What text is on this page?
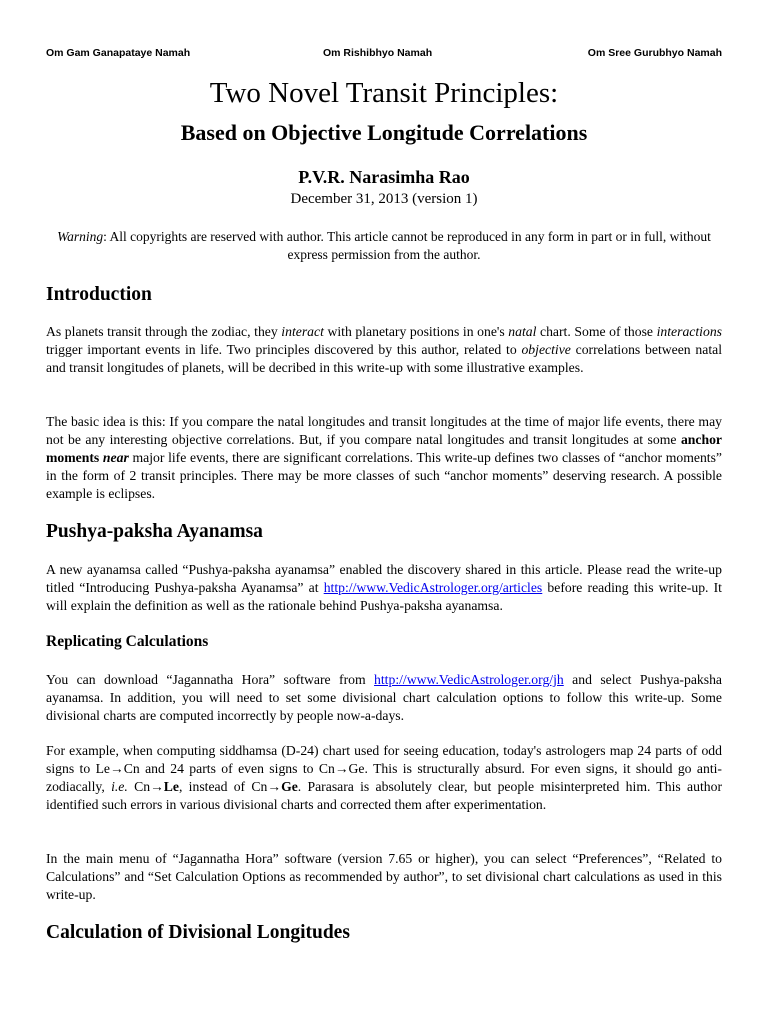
Om Gam Ganapataye Namah	Om Rishibhyo Namah	Om Sree Gurubhyo Namah
Two Novel Transit Principles:
Based on Objective Longitude Correlations
P.V.R. Narasimha Rao
December 31, 2013 (version 1)
Warning: All copyrights are reserved with author. This article cannot be reproduced in any form in part or in full, without express permission from the author.
Introduction

As planets transit through the zodiac, they interact with planetary positions in one's natal chart. Some of those interactions trigger important events in life. Two principles discovered by this author, related to objective correlations between natal and transit longitudes of planets, will be decribed in this write-up with some illustrative examples.

The basic idea is this: If you compare the natal longitudes and transit longitudes at the time of major life events, there may not be any interesting objective correlations. But, if you compare natal longitudes and transit longitudes at some anchor moments near major life events, there are significant correlations. This write-up defines two classes of “anchor moments” in the form of 2 transit principles. There may be more classes of such “anchor moments” deserving research. A possible example is eclipses.

Pushya-paksha Ayanamsa

A new ayanamsa called “Pushya-paksha ayanamsa” enabled the discovery shared in this article. Please read the write-up titled “Introducing Pushya-paksha Ayanamsa” at http://www.VedicAstrologer.org/articles before reading this write-up. It will explain the definition as well as the rationale behind Pushya-paksha ayanamsa.

Replicating Calculations

You can download “Jagannatha Hora” software from http://www.VedicAstrologer.org/jh and select Pushya-paksha ayanamsa. In addition, you will need to set some divisional chart calculation options to follow this write-up. Some divisional charts are computed incorrectly by people now-a-days.

For example, when computing siddhamsa (D-24) chart used for seeing education, today's astrologers map 24 parts of odd signs to Le→Cn and 24 parts of even signs to Cn→Ge. This is structurally absurd. For even signs, it should go anti-zodiacally, i.e. Cn→Le, instead of Cn→Ge. Parasara is absolutely clear, but people misinterpreted him. This author identified such errors in various divisional charts and corrected them after experimentation.

In the main menu of “Jagannatha Hora” software (version 7.65 or higher), you can select “Preferences”, “Related to Calculations” and “Set Calculation Options as recommended by author”, to set divisional chart calculations as used in this write-up.

Calculation of Divisional Longitudes
